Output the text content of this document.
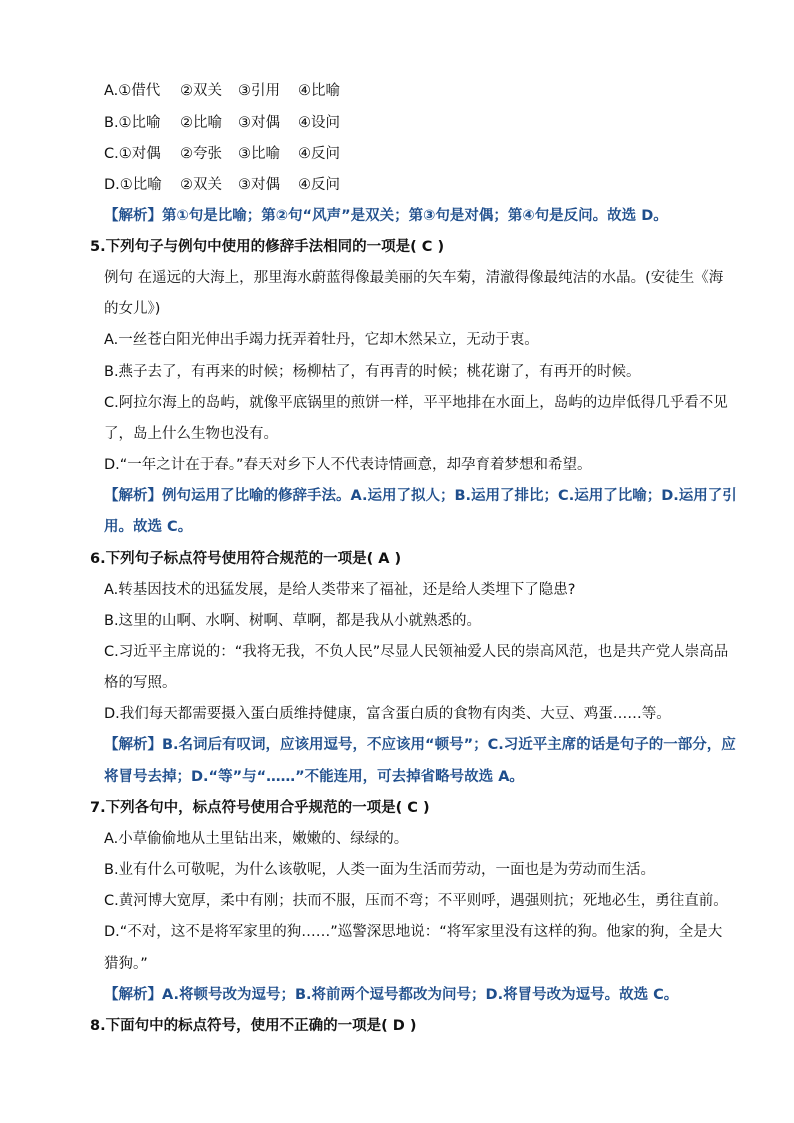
A.①借代 ②双关 ③引用 ④比喻
B.①比喻 ②比喻 ③对偶 ④设问
C.①对偶 ②夸张 ③比喻 ④反问
D.①比喻 ②双关 ③对偶 ④反问
【解析】第①句是比喻；第②句“风声”是双关；第③句是对偶；第④句是反问。故选 D。
5.下列句子与例句中使用的修辞手法相同的一项是( C )
例句 在遥远的大海上，那里海水蔚蓝得像最美丽的矢车菊，清澈得像最纯洁的水晶。(安徒生《海
的女儿》)
A.一丝苍白阳光伸出手竭力抚弄着牡丹，它却木然呆立，无动于衷。
B.燕子去了，有再来的时候；杨柳枯了，有再青的时候；桃花谢了，有再开的时候。
C.阿拉尔海上的岛屿，就像平底锅里的煎饼一样，平平地排在水面上，岛屿的边岸低得几乎看不见
了，岛上什么生物也没有。
D.“一年之计在于春。”春天对乡下人不代表诗情画意，却孕育着梦想和希望。
【解析】例句运用了比喻的修辞手法。A.运用了拟人；B.运用了排比；C.运用了比喻；D.运用了引
用。故选 C。
6.下列句子标点符号使用符合规范的一项是( A )
A.转基因技术的迅猛发展，是给人类带来了福祉，还是给人类埋下了隐患?
B.这里的山啊、水啊、树啊、草啊，都是我从小就熟悉的。
C.习近平主席说的：“我将无我，不负人民”尽显人民领袖爱人民的崇高风范，也是共产党人崇高品
格的写照。
D.我们每天都需要摄入蛋白质维持健康，富含蛋白质的食物有肉类、大豆、鸡蛋……等。
【解析】B.名词后有叹词，应该用逗号，不应该用“顿号”；C.习近平主席的话是句子的一部分，应
将冒号去掉；D.“等”与“……”不能连用，可去掉省略号故选 A。
7.下列各句中，标点符号使用合乎规范的一项是( C )
A.小草偷偷地从土里钻出来，嫩嫩的、绿绿的。
B.业有什么可敬呢，为什么该敬呢，人类一面为生活而劳动，一面也是为劳动而生活。
C.黄河博大宽厚，柔中有刚；扶而不服，压而不弯；不平则呼，遇强则抗；死地必生，勇往直前。
D.“不对，这不是将军家里的狗……”巡警深思地说：“将军家里没有这样的狗。他家的狗，全是大
猎狗。”
【解析】A.将顿号改为逗号；B.将前两个逗号都改为问号；D.将冒号改为逗号。故选 C。
8.下面句中的标点符号，使用不正确的一项是( D )
